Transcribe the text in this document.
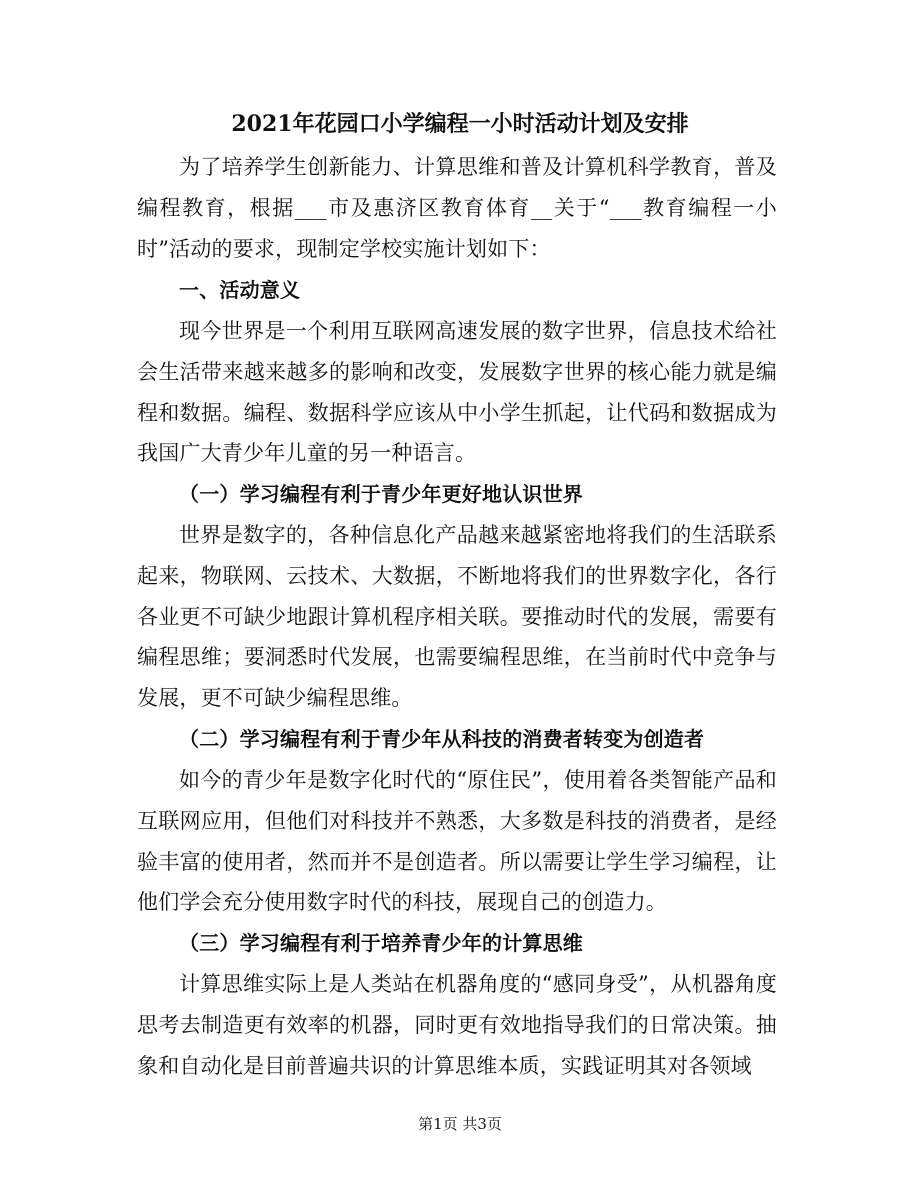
2021年花园口小学编程一小时活动计划及安排

为了培养学生创新能力、计算思维和普及计算机科学教育，普及编程教育，根据___市及惠济区教育体育__关于“___教育编程一小时”活动的要求，现制定学校实施计划如下：

一、活动意义

现今世界是一个利用互联网高速发展的数字世界，信息技术给社会生活带来越来越多的影响和改变，发展数字世界的核心能力就是编程和数据。编程、数据科学应该从中小学生抓起，让代码和数据成为我国广大青少年儿童的另一种语言。

（一）学习编程有利于青少年更好地认识世界

世界是数字的，各种信息化产品越来越紧密地将我们的生活联系起来，物联网、云技术、大数据，不断地将我们的世界数字化，各行各业更不可缺少地跟计算机程序相关联。要推动时代的发展，需要有编程思维；要洞悉时代发展，也需要编程思维，在当前时代中竞争与发展，更不可缺少编程思维。

（二）学习编程有利于青少年从科技的消费者转变为创造者

如今的青少年是数字化时代的“原住民”，使用着各类智能产品和互联网应用，但他们对科技并不熟悉，大多数是科技的消费者，是经验丰富的使用者，然而并不是创造者。所以需要让学生学习编程，让他们学会充分使用数字时代的科技，展现自己的创造力。

（三）学习编程有利于培养青少年的计算思维

计算思维实际上是人类站在机器角度的“感同身受”，从机器角度思考去制造更有效率的机器，同时更有效地指导我们的日常决策。抽象和自动化是目前普遍共识的计算思维本质，实践证明其对各领域

第1页 共3页
